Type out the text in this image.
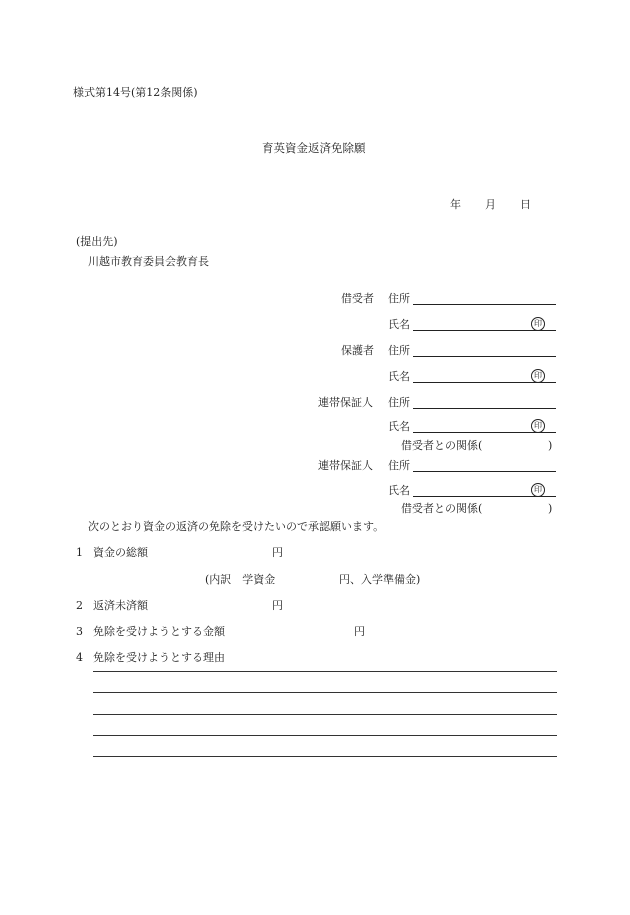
様式第14号(第12条関係)
育英資金返済免除願
年 月 日
(提出先)
川越市教育委員会教育長
借受者 住所
氏名	印
保護者 住所
氏名	印
連帯保証人 住所
氏名	印
借受者との関係(	)
連帯保証人 住所
氏名	印
借受者との関係(	)
次のとおり資金の返済の免除を受けたいので承認願います。
1 資金の総額	円
(内訳　学資金	円、入学準備金)
2 返済未済額	円
3 免除を受けようとする金額	円
4 免除を受けようとする理由
